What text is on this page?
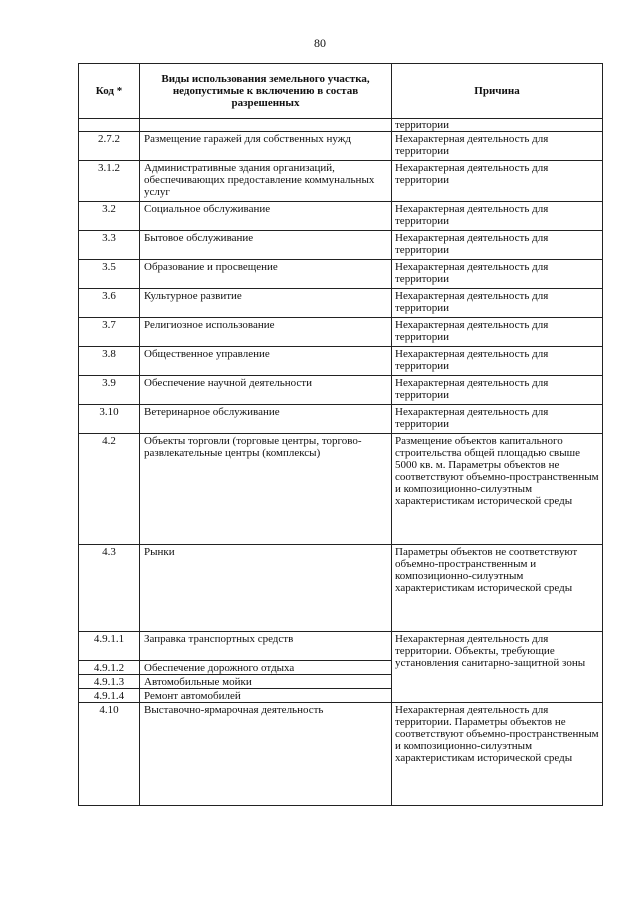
80
Код *	Виды использования земельного участка, недопустимые к включению в состав разрешенных	Причина
		территории
2.7.2	Размещение гаражей для собственных нужд	Нехарактерная деятельность для территории
3.1.2	Административные здания организаций, обеспечивающих предоставление коммунальных услуг	Нехарактерная деятельность для территории
3.2	Социальное обслуживание	Нехарактерная деятельность для территории
3.3	Бытовое обслуживание	Нехарактерная деятельность для территории
3.5	Образование и просвещение	Нехарактерная деятельность для территории
3.6	Культурное развитие	Нехарактерная деятельность для территории
3.7	Религиозное использование	Нехарактерная деятельность для территории
3.8	Общественное управление	Нехарактерная деятельность для территории
3.9	Обеспечение научной деятельности	Нехарактерная деятельность для территории
3.10	Ветеринарное обслуживание	Нехарактерная деятельность для территории
4.2	Объекты торговли (торговые центры, торгово-развлекательные центры (комплексы)	Размещение объектов капитального строительства общей площадью свыше 5000 кв. м. Параметры объектов не соответствуют объемно-пространственным и композиционно-силуэтным характеристикам исторической среды
4.3	Рынки	Параметры объектов не соответствуют объемно-пространственным и композиционно-силуэтным характеристикам исторической среды
4.9.1.1	Заправка транспортных средств	Нехарактерная деятельность для территории. Объекты, требующие установления санитарно-защитной зоны
4.9.1.2	Обеспечение дорожного отдыха	
4.9.1.3	Автомобильные мойки	
4.9.1.4	Ремонт автомобилей	
4.10	Выставочно-ярмарочная деятельность	Нехарактерная деятельность для территории. Параметры объектов не соответствуют объемно-пространственным и композиционно-силуэтным характеристикам исторической среды
